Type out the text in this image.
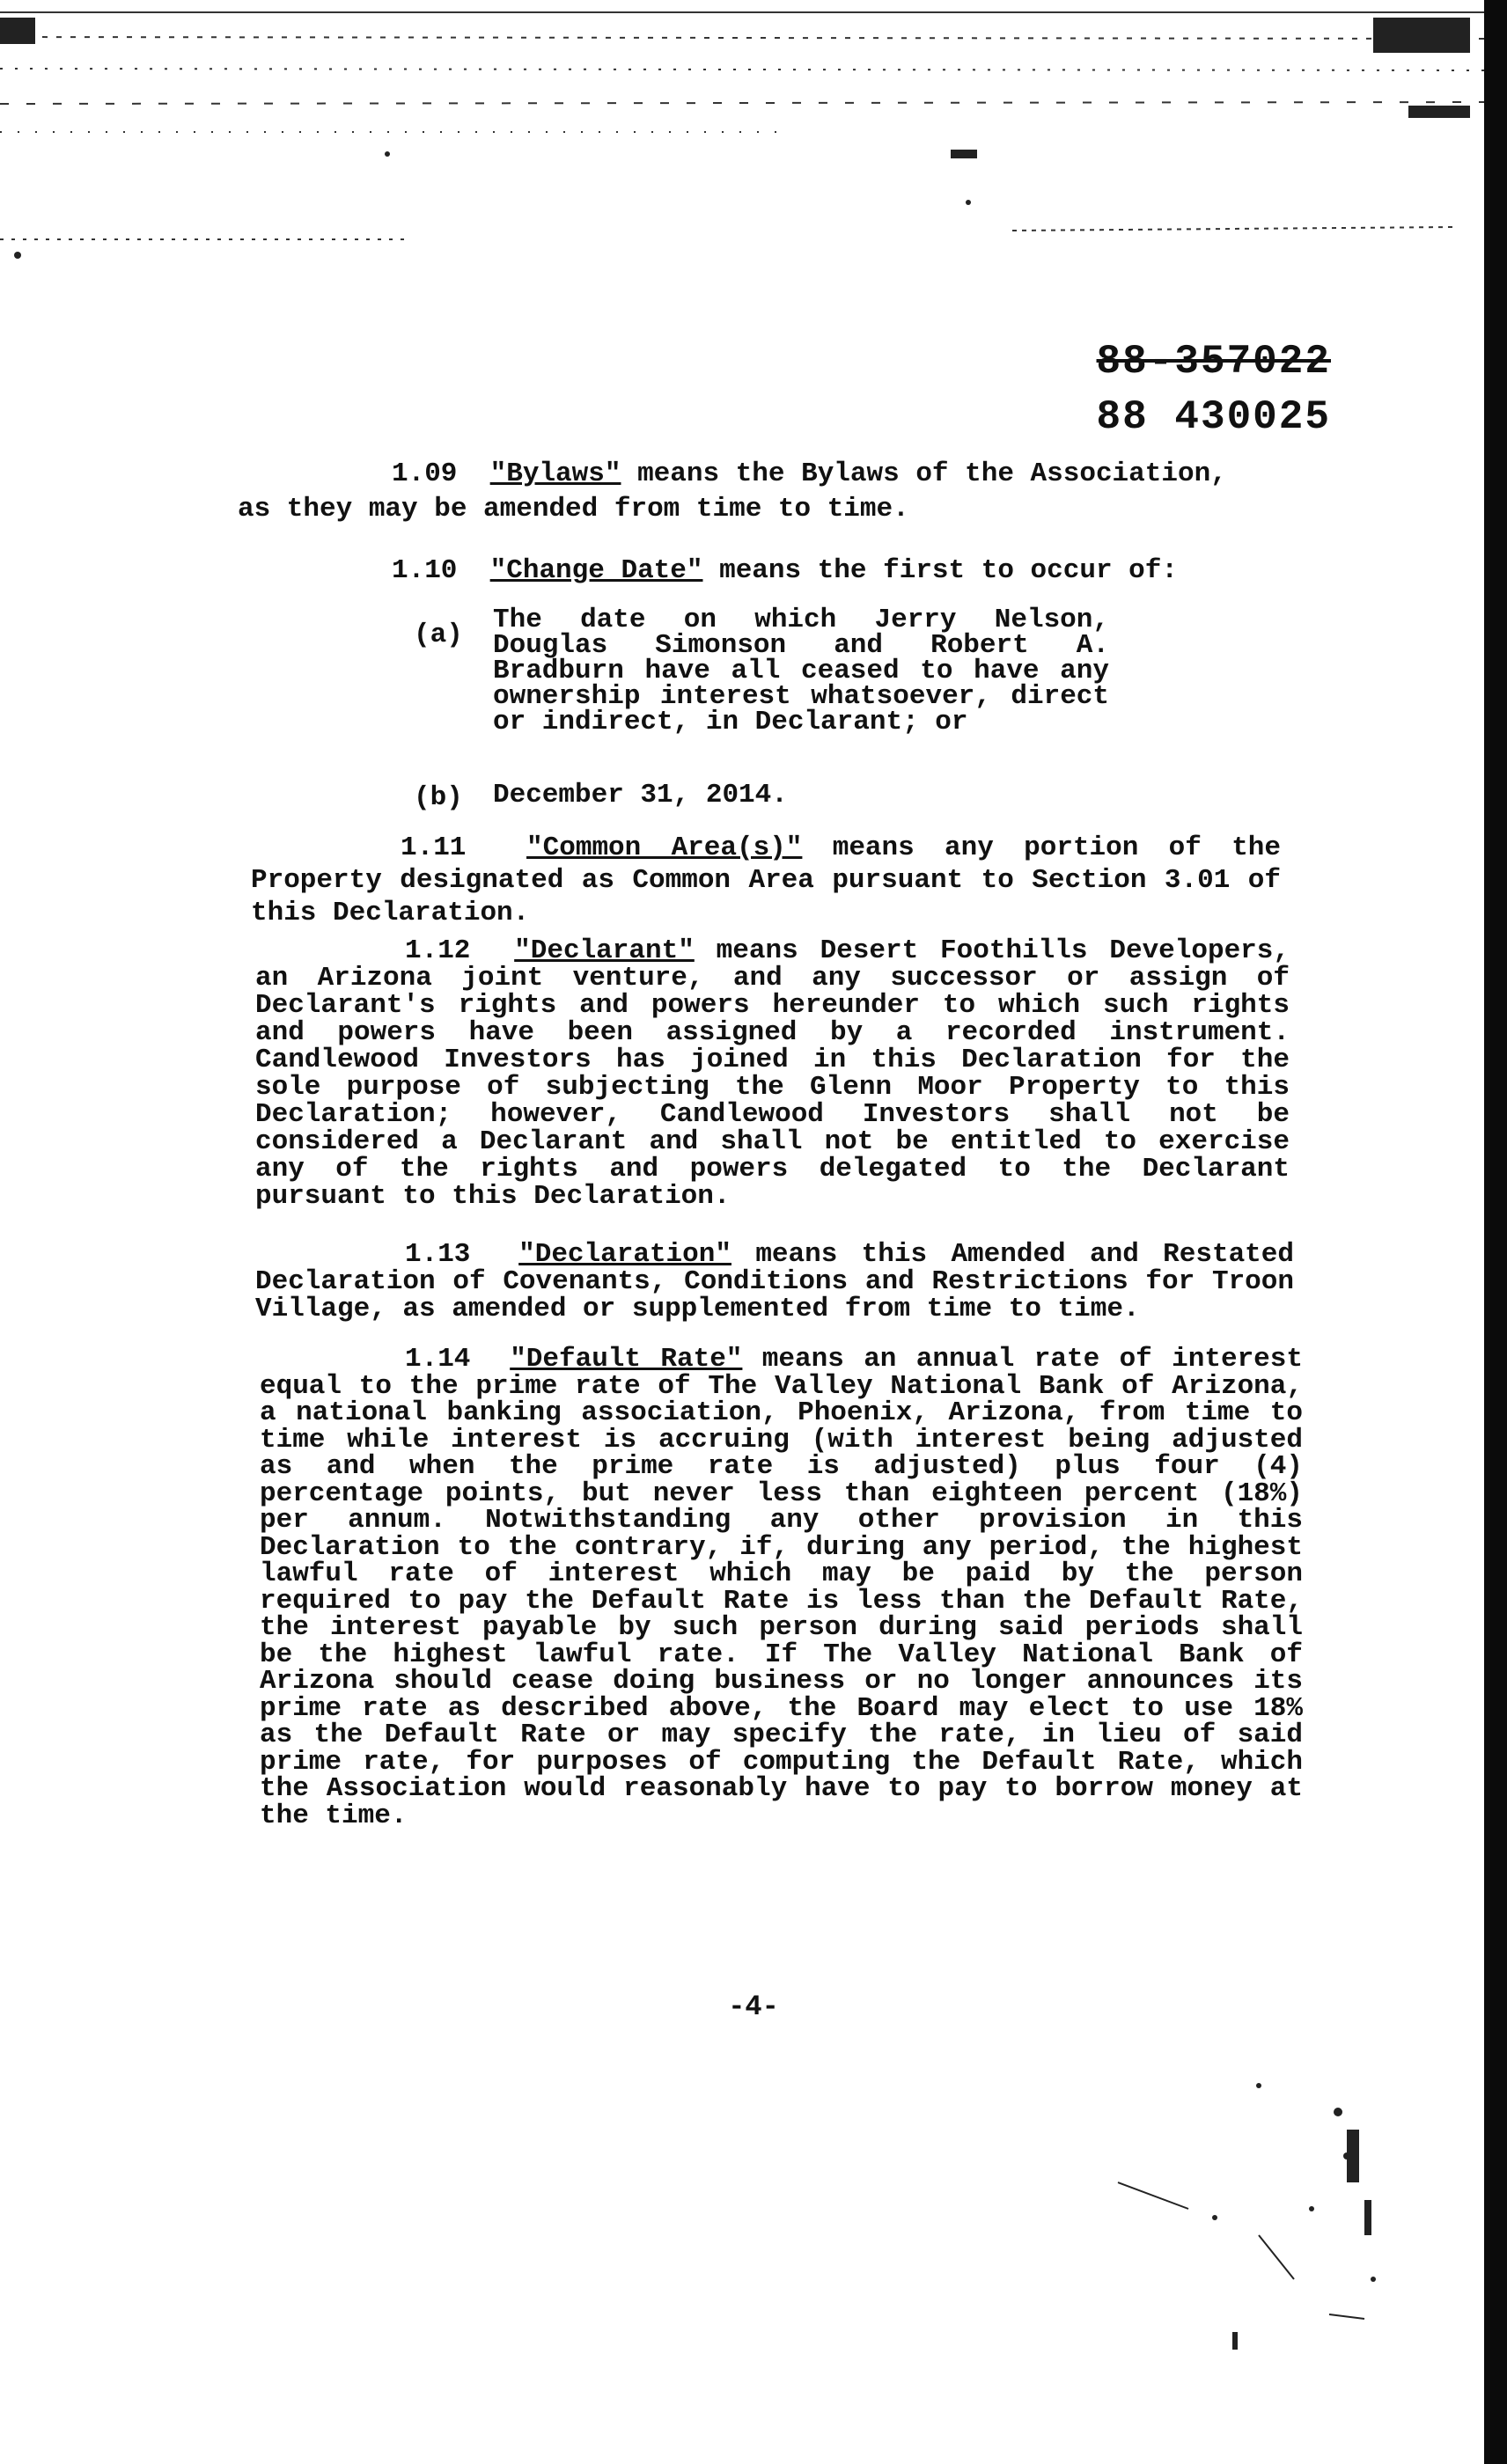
88-357022
88 430025
1.09 "Bylaws" means the Bylaws of the Association,
as they may be amended from time to time.
1.10 "Change Date" means the first to occur of:
(a) The date on which Jerry Nelson, Douglas Simonson and Robert A. Bradburn have all ceased to have any ownership interest whatsoever, direct or indirect, in Declarant; or
(b) December 31, 2014.
1.11 "Common Area(s)" means any portion of the Property designated as Common Area pursuant to Section 3.01 of this Declaration.
1.12 "Declarant" means Desert Foothills Developers, an Arizona joint venture, and any successor or assign of Declarant's rights and powers hereunder to which such rights and powers have been assigned by a recorded instrument. Candlewood Investors has joined in this Declaration for the sole purpose of subjecting the Glenn Moor Property to this Declaration; however, Candlewood Investors shall not be considered a Declarant and shall not be entitled to exercise any of the rights and powers delegated to the Declarant pursuant to this Declaration.
1.13 "Declaration" means this Amended and Restated Declaration of Covenants, Conditions and Restrictions for Troon Village, as amended or supplemented from time to time.
1.14 "Default Rate" means an annual rate of interest equal to the prime rate of The Valley National Bank of Arizona, a national banking association, Phoenix, Arizona, from time to time while interest is accruing (with interest being adjusted as and when the prime rate is adjusted) plus four (4) percentage points, but never less than eighteen percent (18%) per annum. Notwithstanding any other provision in this Declaration to the contrary, if, during any period, the highest lawful rate of interest which may be paid by the person required to pay the Default Rate is less than the Default Rate, the interest payable by such person during said periods shall be the highest lawful rate. If The Valley National Bank of Arizona should cease doing business or no longer announces its prime rate as described above, the Board may elect to use 18% as the Default Rate or may specify the rate, in lieu of said prime rate, for purposes of computing the Default Rate, which the Association would reasonably have to pay to borrow money at the time.
-4-
